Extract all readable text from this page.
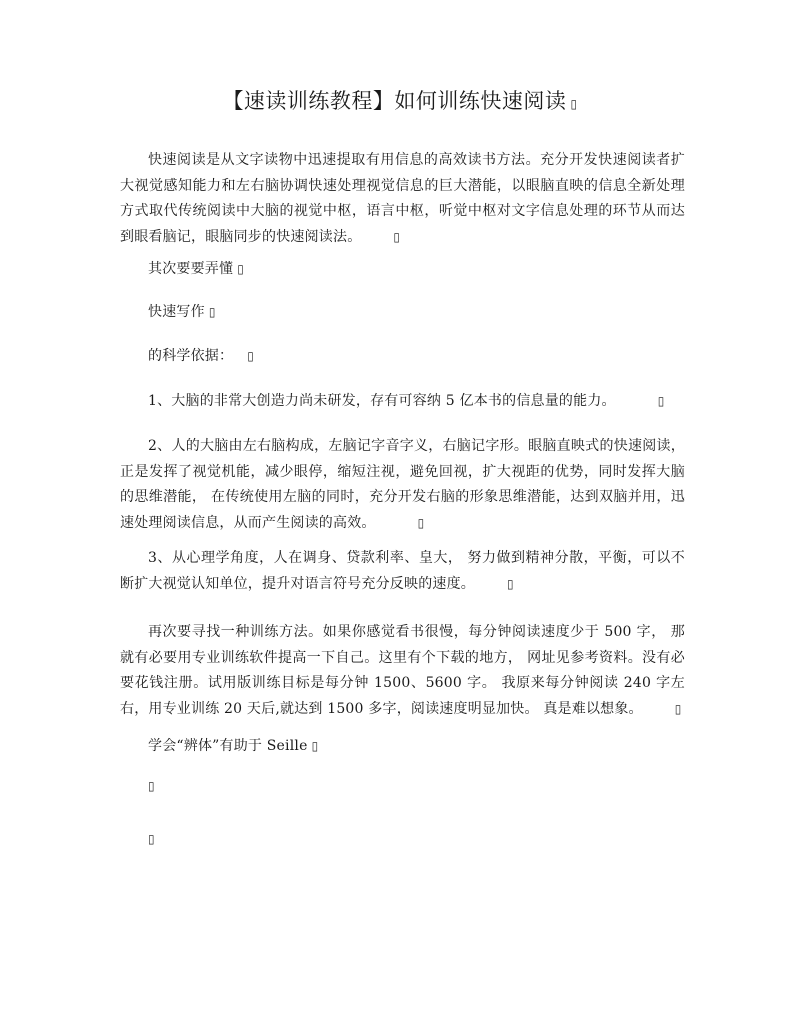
【速读训练教程】如何训练快速阅读 ▯
快速阅读是从文字读物中迅速提取有用信息的高效读书方法。充分开发快速阅读者扩大视觉感知能力和左右脑协调快速处理视觉信息的巨大潜能，以眼脑直映的信息全新处理方式取代传统阅读中大脑的视觉中枢，语言中枢，听觉中枢对文字信息处理的环节从而达到眼看脑记，眼脑同步的快速阅读法。	▯
其次要要弄懂 ▯
快速写作 ▯
的科学依据： ▯
1、大脑的非常大创造力尚未研发，存有可容纳 5 亿本书的信息量的能力。	▯
2、人的大脑由左右脑构成，左脑记字音字义，右脑记字形。眼脑直映式的快速阅读，正是发挥了视觉机能，减少眼停，缩短注视，避免回视，扩大视距的优势，同时发挥大脑的思维潜能， 在传统使用左脑的同时，充分开发右脑的形象思维潜能，达到双脑并用，迅速处理阅读信息，从而产生阅读的高效。	▯
3、从心理学角度，人在调身、贷款利率、皇大， 努力做到精神分散，平衡，可以不断扩大视觉认知单位，提升对语言符号充分反映的速度。	▯
再次要寻找一种训练方法。如果你感觉看书很慢，每分钟阅读速度少于 500 字， 那就有必要用专业训练软件提高一下自己。这里有个下载的地方， 网址见参考资料。没有必要花钱注册。试用版训练目标是每分钟 1500、5600 字。 我原来每分钟阅读 240 字左右，用专业训练 20 天后,就达到 1500 多字，阅读速度明显加快。 真是难以想象。	▯
学会“辨体”有助于 Seille ▯
▯
▯
